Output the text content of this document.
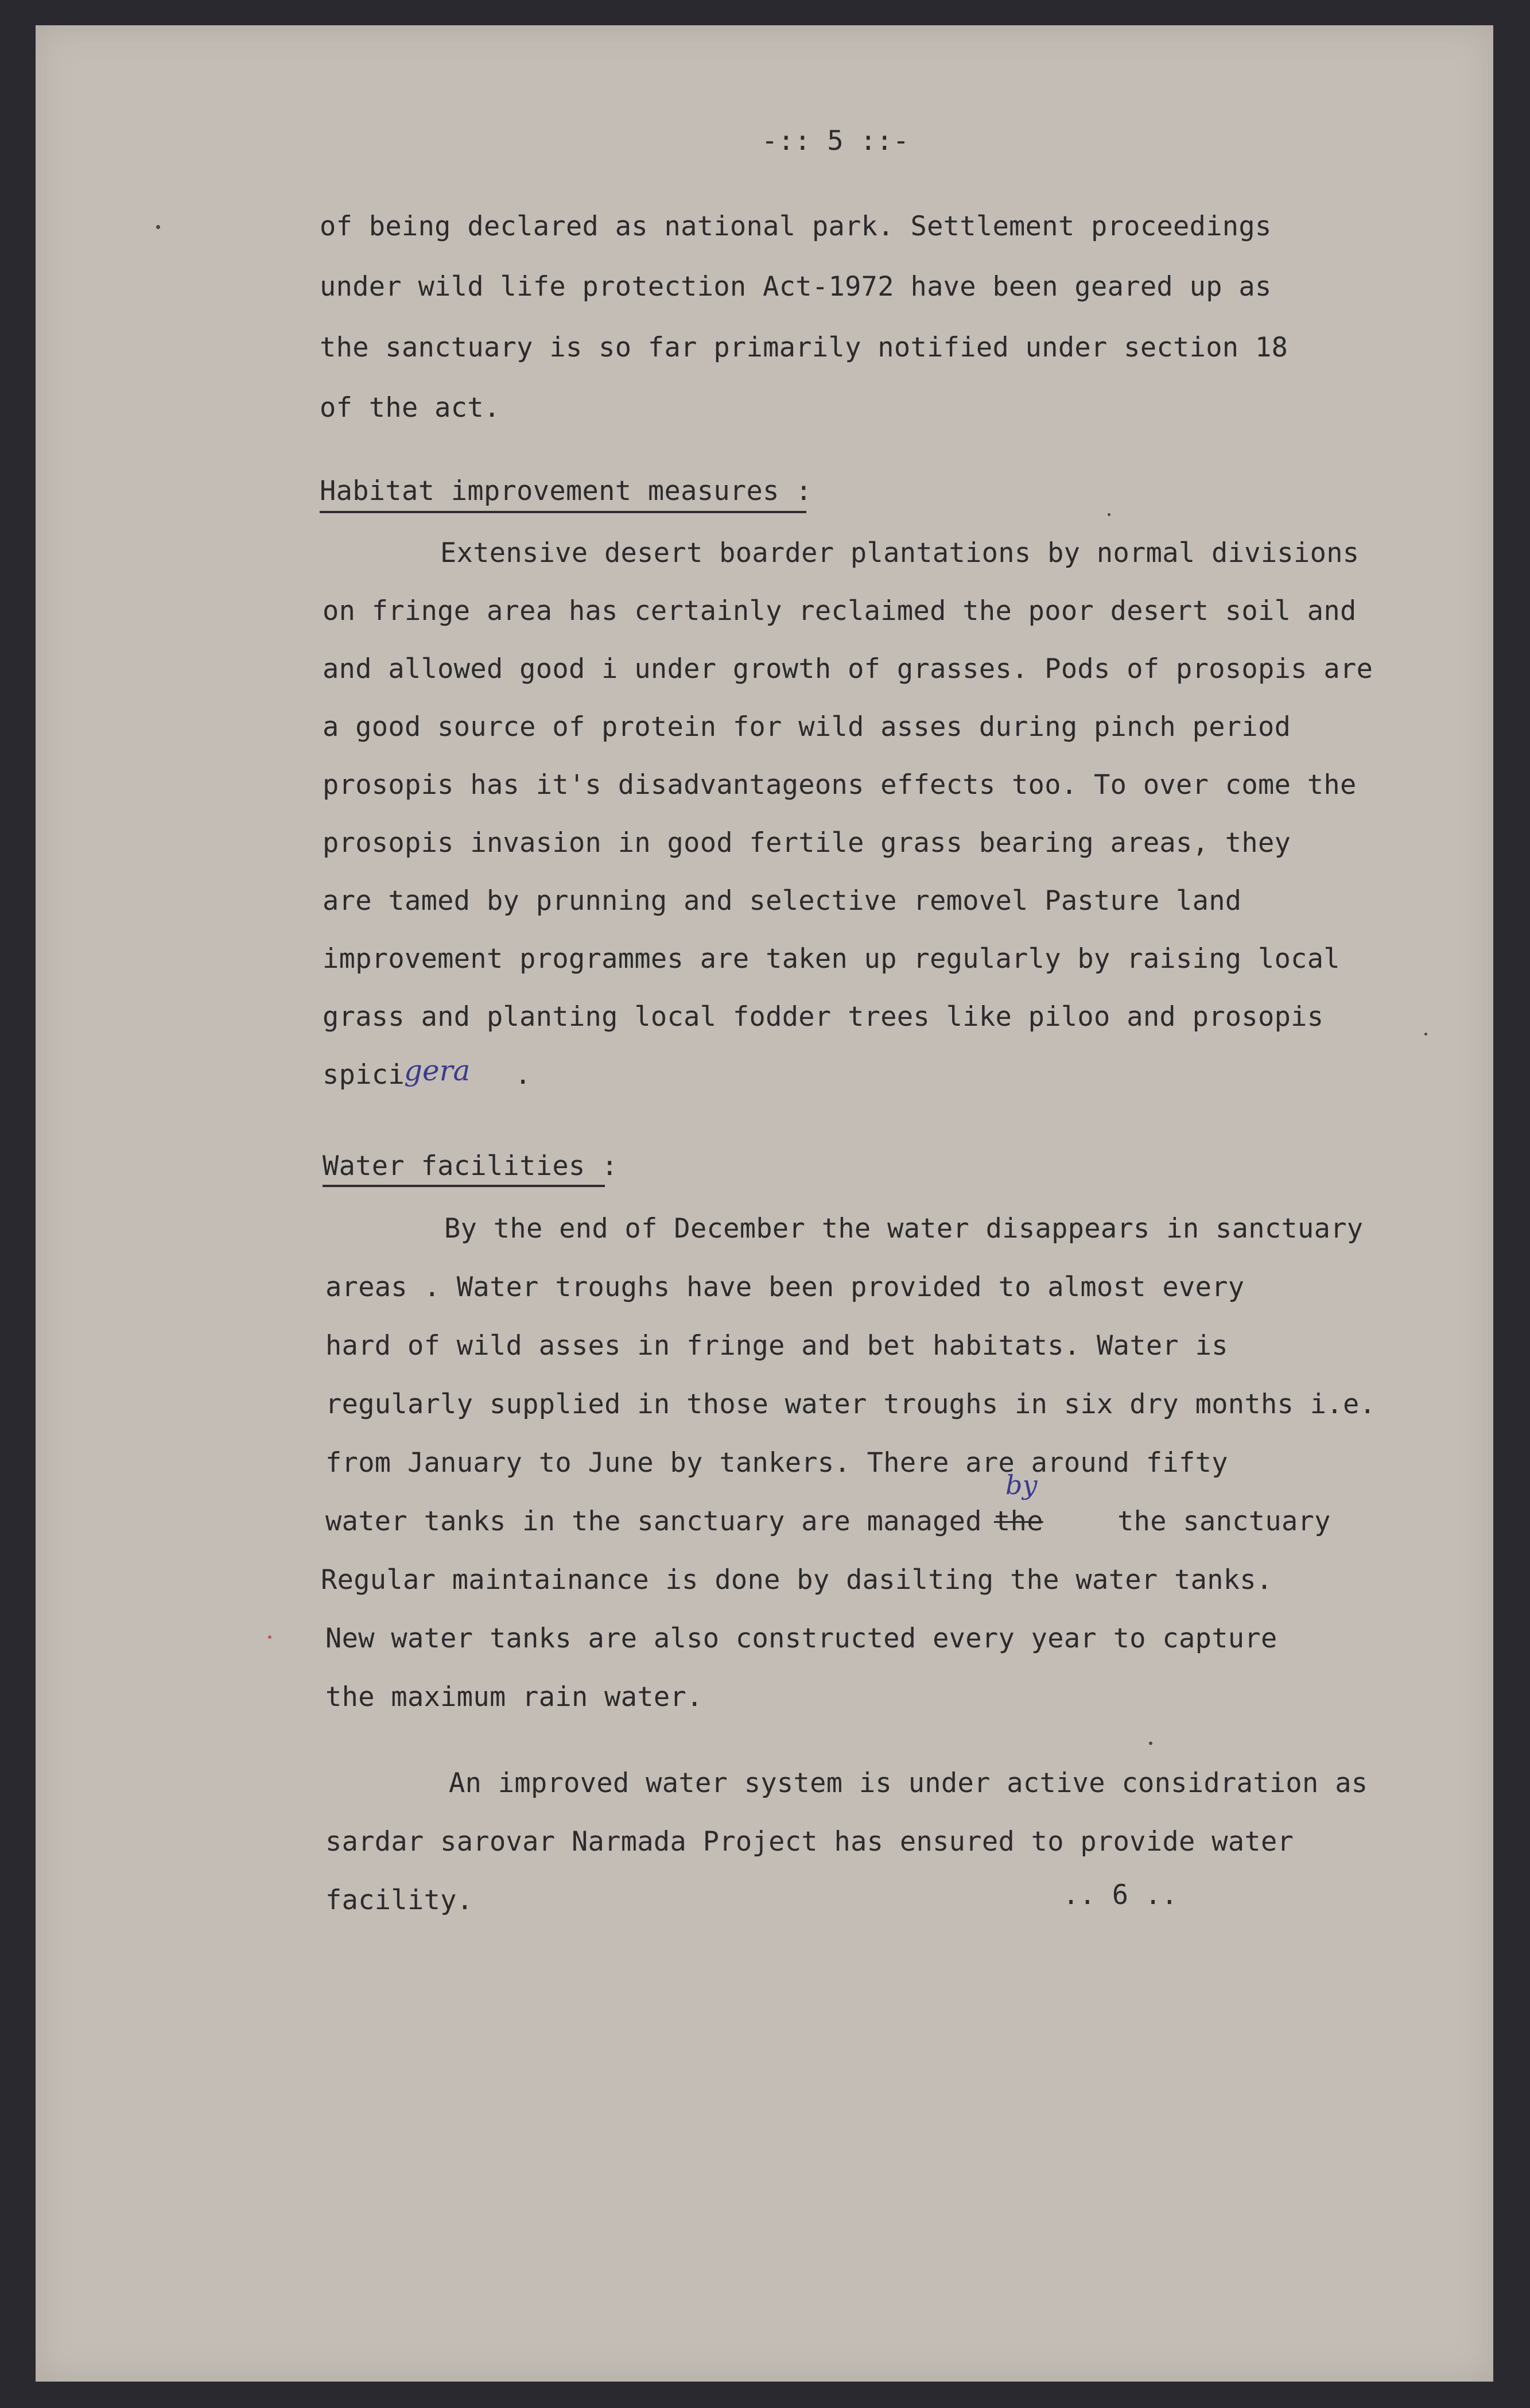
-:: 5 ::-
of being declared as national park. Settlement proceedings
under wild life protection Act-1972 have been geared up as
the sanctuary is so far primarily notified under section 18
of the act.
Habitat improvement measures :
Extensive desert boarder plantations by normal divisions
on fringe area has certainly reclaimed the poor desert soil and
and allowed good i under growth of grasses. Pods of prosopis are
a good source of protein for wild asses during pinch period
prosopis has it's disadvantageons effects too. To over come the
prosopis invasion in good fertile grass bearing areas, they
are tamed by prunning and selective removel Pasture land
improvement programmes are taken up regularly by raising local
grass and planting local fodder trees like piloo and prosopis
spici gera .
Water facilities :
By the end of December the water disappears in sanctuary
areas . Water troughs have been provided to almost every
hard of wild asses in fringe and bet habitats. Water is
regularly supplied in those water troughs in six dry months i.e.
from January to June by tankers. There are around fifty
water tanks in the sanctuary are managed the
by
the sanctuary
Regular maintainance is done by dasilting the water tanks.
New water tanks are also constructed every year to capture
the maximum rain water.
An improved water system is under active considration as
sardar sarovar Narmada Project has ensured to provide water
facility.	.. 6 ..
